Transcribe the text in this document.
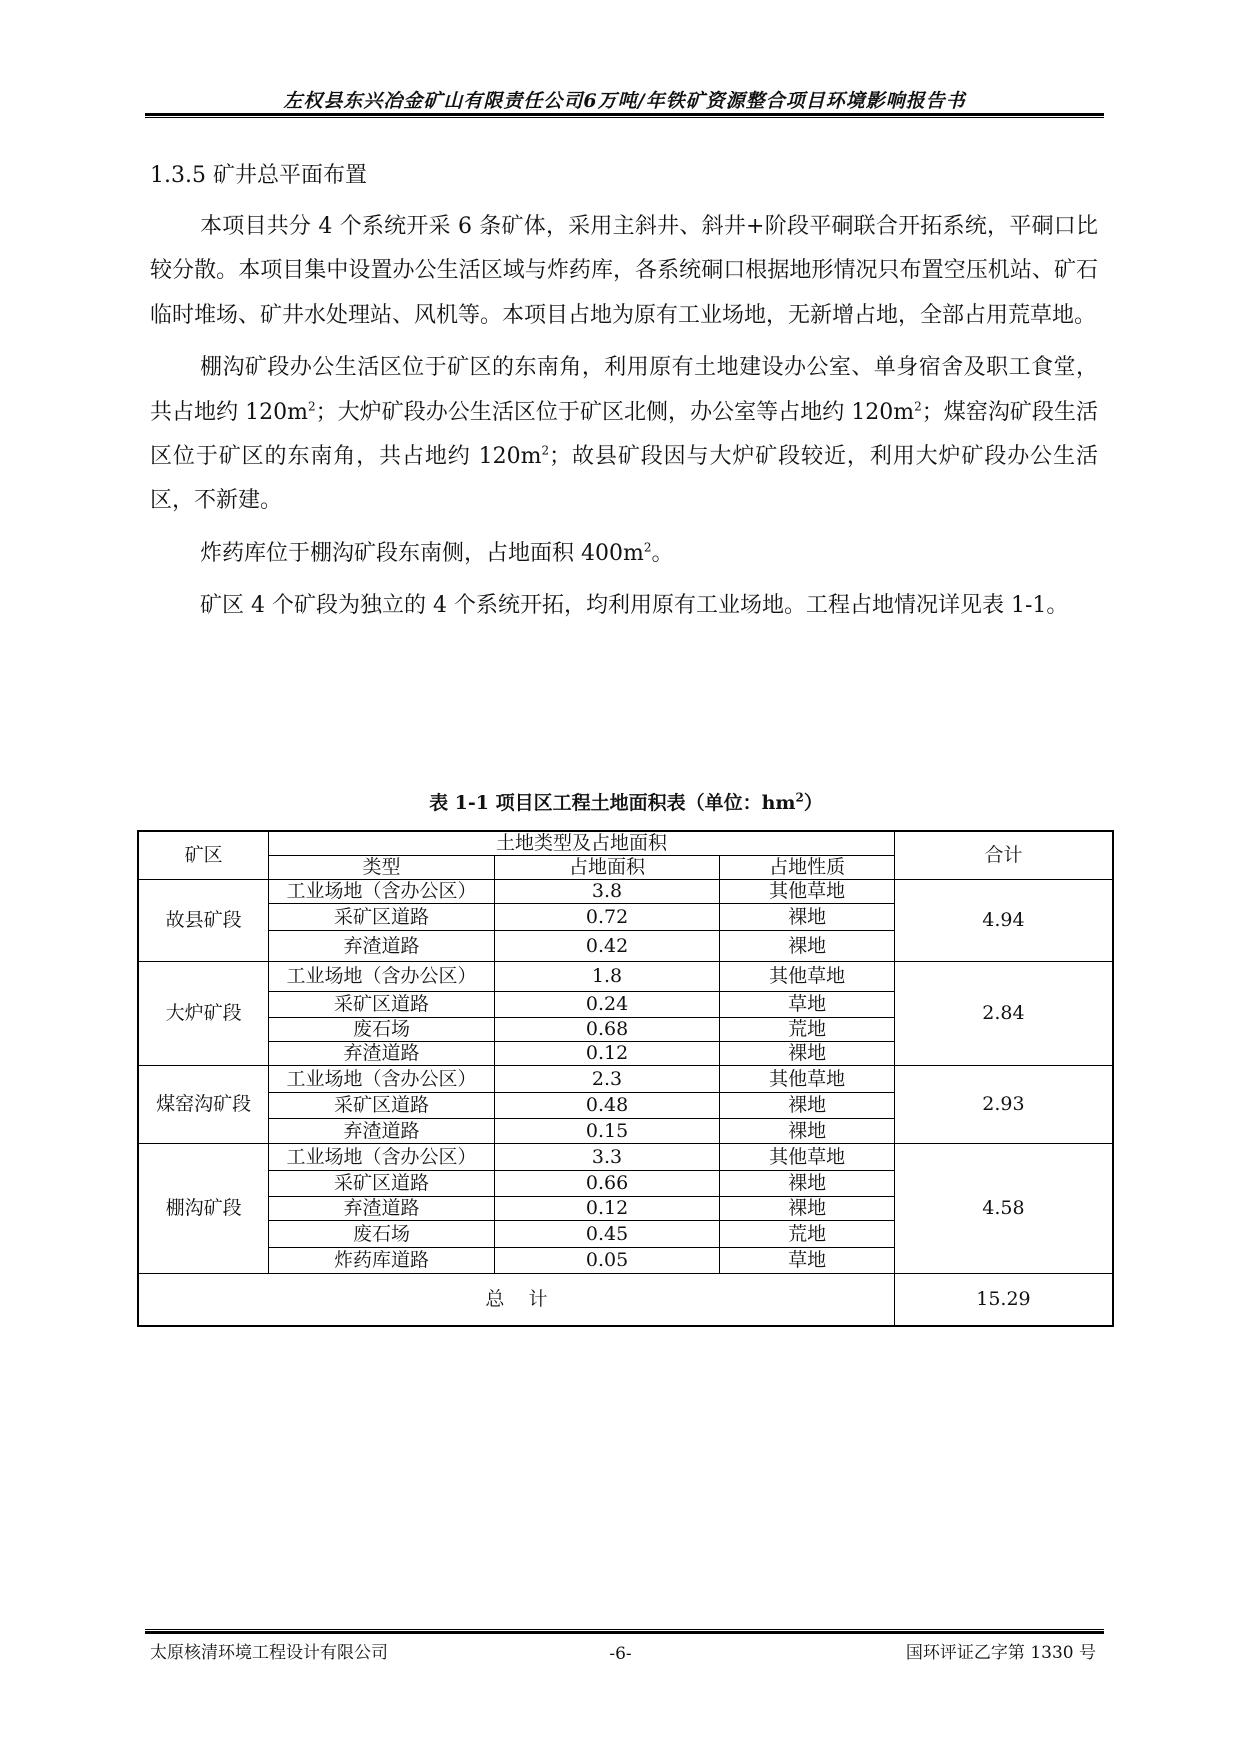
左权县东兴冶金矿山有限责任公司6万吨/年铁矿资源整合项目环境影响报告书
1.3.5 矿井总平面布置

本项目共分 4 个系统开采 6 条矿体，采用主斜井、斜井+阶段平硐联合开拓系统，平硐口比较分散。本项目集中设置办公生活区域与炸药库，各系统硐口根据地形情况只布置空压机站、矿石临时堆场、矿井水处理站、风机等。本项目占地为原有工业场地，无新增占地，全部占用荒草地。

棚沟矿段办公生活区位于矿区的东南角，利用原有土地建设办公室、单身宿舍及职工食堂，共占地约 $120m^2$；大炉矿段办公生活区位于矿区北侧，办公室等占地约 $120m^2$；煤窑沟矿段生活区位于矿区的东南角，共占地约 $120m^2$；故县矿段因与大炉矿段较近，利用大炉矿段办公生活区，不新建。

炸药库位于棚沟矿段东南侧，占地面积 $400m^2$。

矿区 4 个矿段为独立的 4 个系统开拓，均利用原有工业场地。工程占地情况详见表 1-1。

表 1-1 项目区工程土地面积表（单位：$hm^2$）
矿区	土地类型及占地面积			合计
	类型	占地面积	占地性质	
故县矿段	工业场地（含办公区）	3.8	其他草地	4.94
	采矿区道路	0.72	裸地	
	弃渣道路	0.42	裸地	
大炉矿段	工业场地（含办公区）	1.8	其他草地	2.84
	采矿区道路	0.24	草地	
	废石场	0.68	荒地	
	弃渣道路	0.12	裸地	
煤窑沟矿段	工业场地（含办公区）	2.3	其他草地	2.93
	采矿区道路	0.48	裸地	
	弃渣道路	0.15	裸地	
棚沟矿段	工业场地（含办公区）	3.3	其他草地	4.58
	采矿区道路	0.66	裸地	
	弃渣道路	0.12	裸地	
	废石场	0.45	荒地	
	炸药库道路	0.05	草地	
总    计				15.29
太原核清环境工程设计有限公司	-6-	国环评证乙字第 1330 号
